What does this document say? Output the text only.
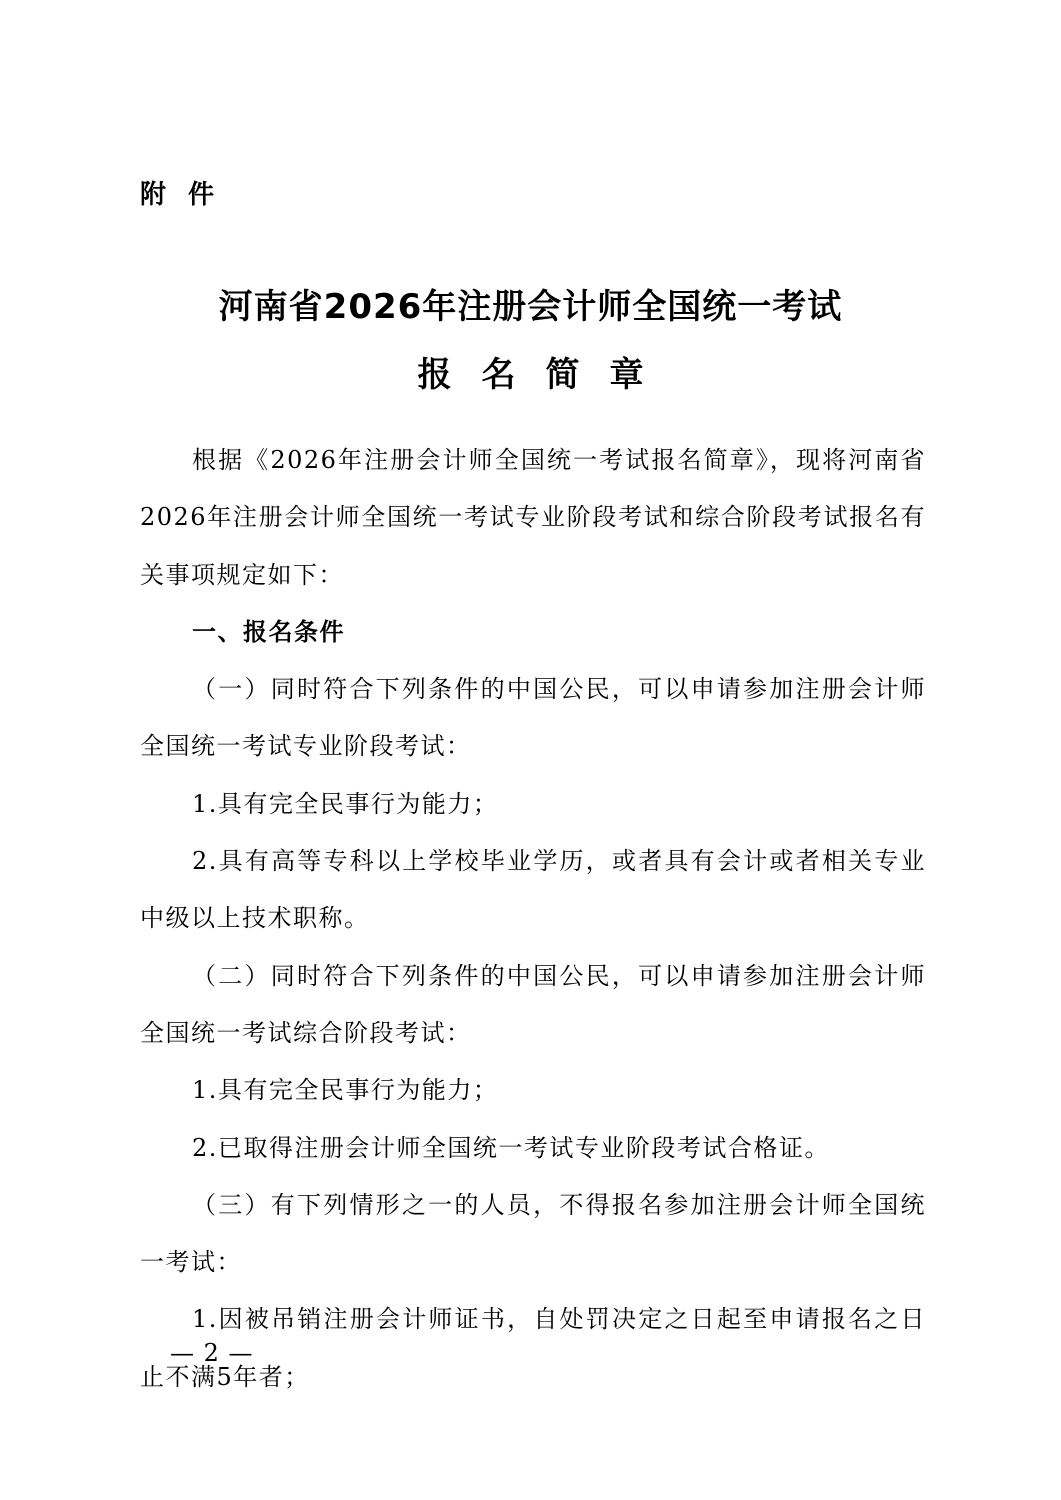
附件
河南省2026年注册会计师全国统一考试
报名简章

根据《2026年注册会计师全国统一考试报名简章》，现将河南省2026年注册会计师全国统一考试专业阶段考试和综合阶段考试报名有关事项规定如下：

一、报名条件

（一）同时符合下列条件的中国公民，可以申请参加注册会计师全国统一考试专业阶段考试：

1.具有完全民事行为能力；

2.具有高等专科以上学校毕业学历，或者具有会计或者相关专业中级以上技术职称。

（二）同时符合下列条件的中国公民，可以申请参加注册会计师全国统一考试综合阶段考试：

1.具有完全民事行为能力；

2.已取得注册会计师全国统一考试专业阶段考试合格证。

（三）有下列情形之一的人员，不得报名参加注册会计师全国统一考试：

1.因被吊销注册会计师证书，自处罚决定之日起至申请报名之日止不满5年者；

— 2 —
